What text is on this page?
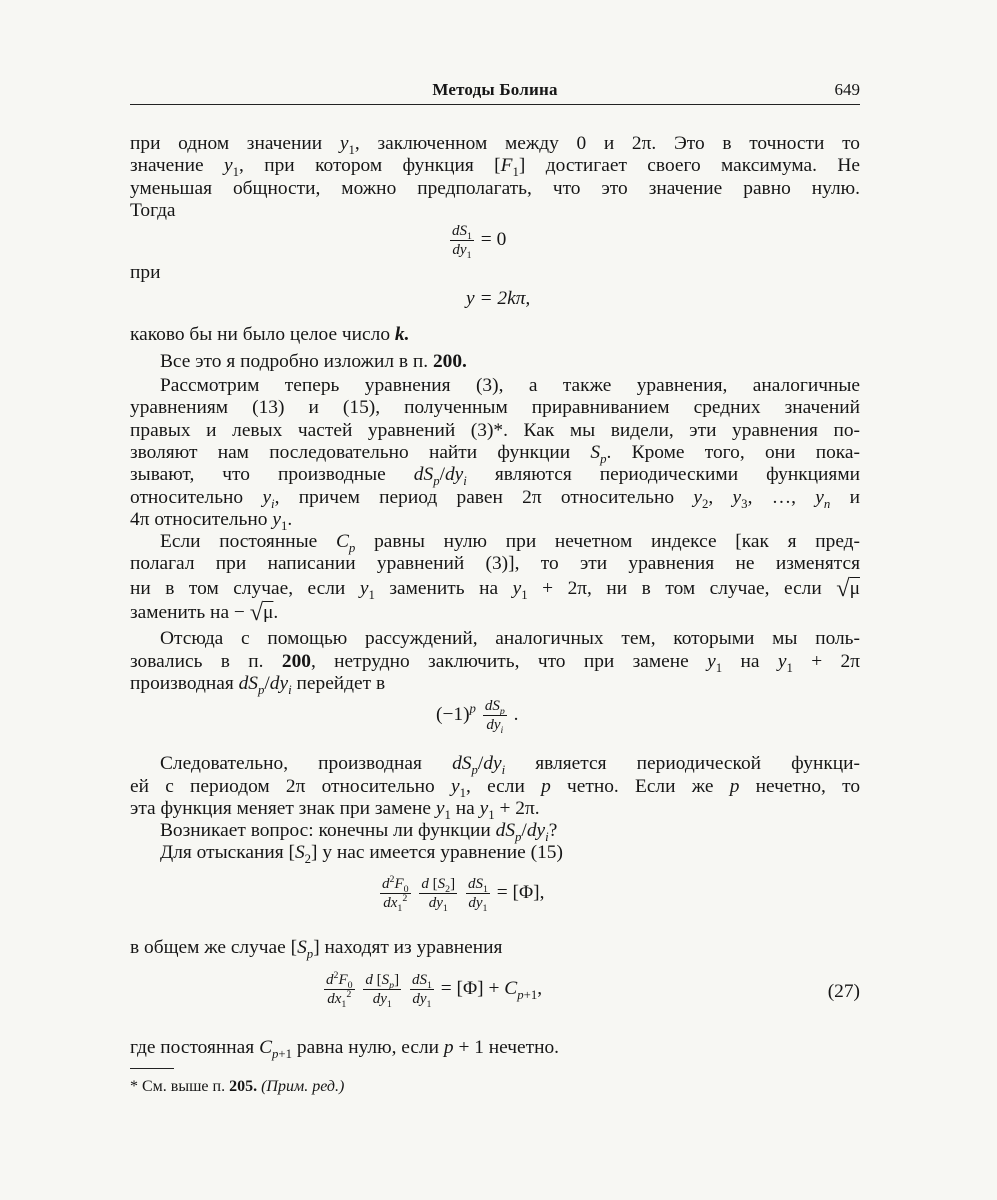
Методы Болина	649

при одном значении $y_1$, заключенном между 0 и 2π. Это в точности то

значение $y_1$, при котором функция $[F_1]$ достигает своего максимума. Не

уменьшая общности, можно предполагать, что это значение равно нулю.

Тогда

$\frac{dS_1}{dy_1} = 0$

при

y = 2kπ,

каково бы ни было целое число k.

Все это я подробно изложил в п. 200.

Рассмотрим теперь уравнения (3), а также уравнения, аналогичные

уравнениям (13) и (15), полученным приравниванием средних значений

правых и левых частей уравнений (3)*. Как мы видели, эти уравнения по-

зволяют нам последовательно найти функции $S_p$. Кроме того, они пока-

зывают, что производные $dS_p/dy_i$ являются периодическими функциями

относительно $y_i$, причем период равен 2π относительно $y_2$, $y_3$, …, $y_n$ и

4π относительно $y_1$.

Если постоянные $C_p$ равны нулю при нечетном индексе [как я пред-

полагал при написании уравнений (3)], то эти уравнения не изменятся

ни в том случае, если $y_1$ заменить на $y_1 + 2\pi$, ни в том случае, если √μ

заменить на − √μ.

Отсюда с помощью рассуждений, аналогичных тем, которыми мы поль-

зовались в п. 200, нетрудно заключить, что при замене $y_1$ на $y_1 + 2\pi$

производная $dS_p/dy_i$ перейдет в

$(-1)^p \frac{dS_p}{dy_i}$ .

Следовательно, производная $dS_p/dy_i$ является периодической функци-

ей с периодом 2π относительно $y_1$, если p четно. Если же p нечетно, то

эта функция меняет знак при замене $y_1$ на $y_1 + 2\pi$.

Возникает вопрос: конечны ли функции $dS_p/dy_i$?

Для отыскания $[S_2]$ у нас имеется уравнение (15)

$\frac{d^2F_0}{dx_1^2}$
$\frac{d [S_2]}{dy_1}$
$\frac{dS_1}{dy_1} = [\Phi]$,

в общем же случае $[S_p]$ находят из уравнения

$\frac{d^2F_0}{dx_1^2}$
$\frac{d [S_p]}{dy_1}$
$\frac{dS_1}{dy_1} = [\Phi] + C_{p+1}$,	(27)

где постоянная $C_{p+1}$ равна нулю, если p + 1 нечетно.

* См. выше п. 205. (Прим. ред.)
